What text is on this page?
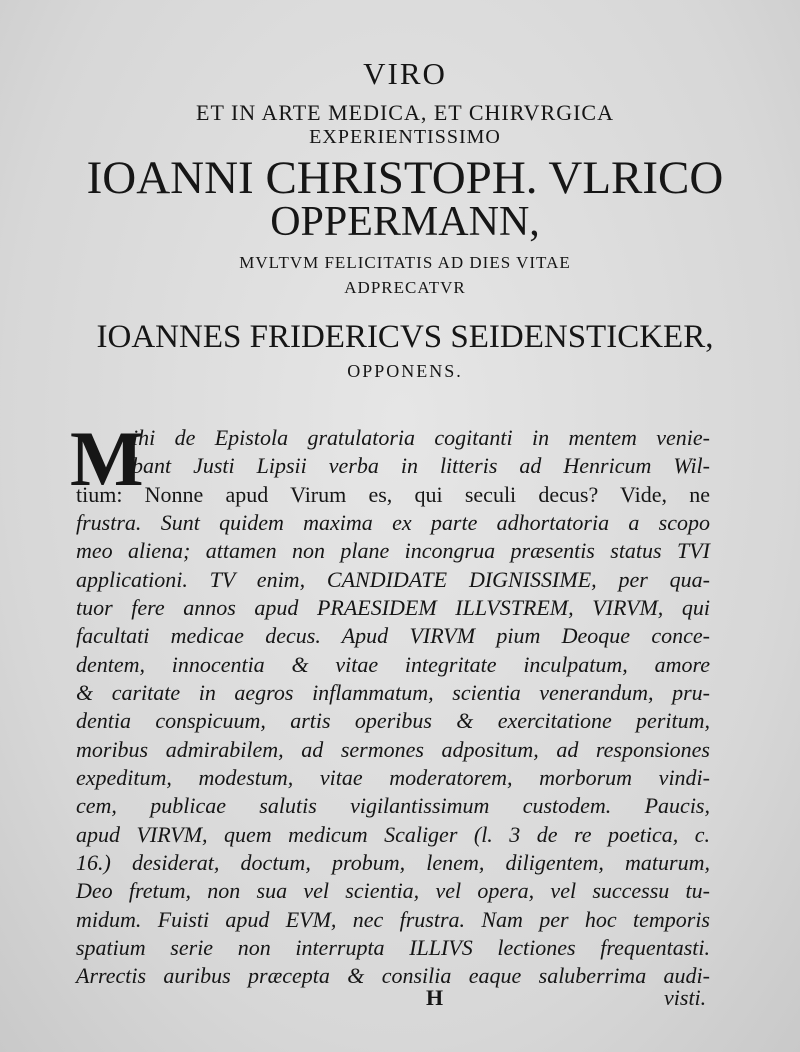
VIRO
ET IN ARTE MEDICA, ET CHIRVRGICA
EXPERIENTISSIMO
IOANNI CHRISTOPH. VLRICO
OPPERMANN,
MVLTVM FELICITATIS AD DIES VITAE
ADPRECATVR
IOANNES FRIDERICVS SEIDENSTICKER,
OPPONENS.
M
ihi de Epistola gratulatoria cogitanti in mentem venie-
bant Justi Lipsii verba in litteris ad Henricum Wil-
tium: Nonne apud Virum es, qui seculi decus? Vide, ne
frustra. Sunt quidem maxima ex parte adhortatoria a scopo
meo aliena; attamen non plane incongrua præsentis status TVI
applicationi. TV enim, CANDIDATE DIGNISSIME, per qua-
tuor fere annos apud PRAESIDEM ILLVSTREM, VIRVM, qui
facultati medicae decus. Apud VIRVM pium Deoque conce-
dentem, innocentia & vitae integritate inculpatum, amore
& caritate in aegros inflammatum, scientia venerandum, pru-
dentia conspicuum, artis operibus & exercitatione peritum,
moribus admirabilem, ad sermones adpositum, ad responsiones
expeditum, modestum, vitae moderatorem, morborum vindi-
cem, publicae salutis vigilantissimum custodem. Paucis,
apud VIRVM, quem medicum Scaliger (l. 3 de re poetica, c.
16.) desiderat, doctum, probum, lenem, diligentem, maturum,
Deo fretum, non sua vel scientia, vel opera, vel successu tu-
midum. Fuisti apud EVM, nec frustra. Nam per hoc temporis
spatium serie non interrupta ILLIVS lectiones frequentasti.
Arrectis auribus præcepta & consilia eaque saluberrima audi-
H	visti.
